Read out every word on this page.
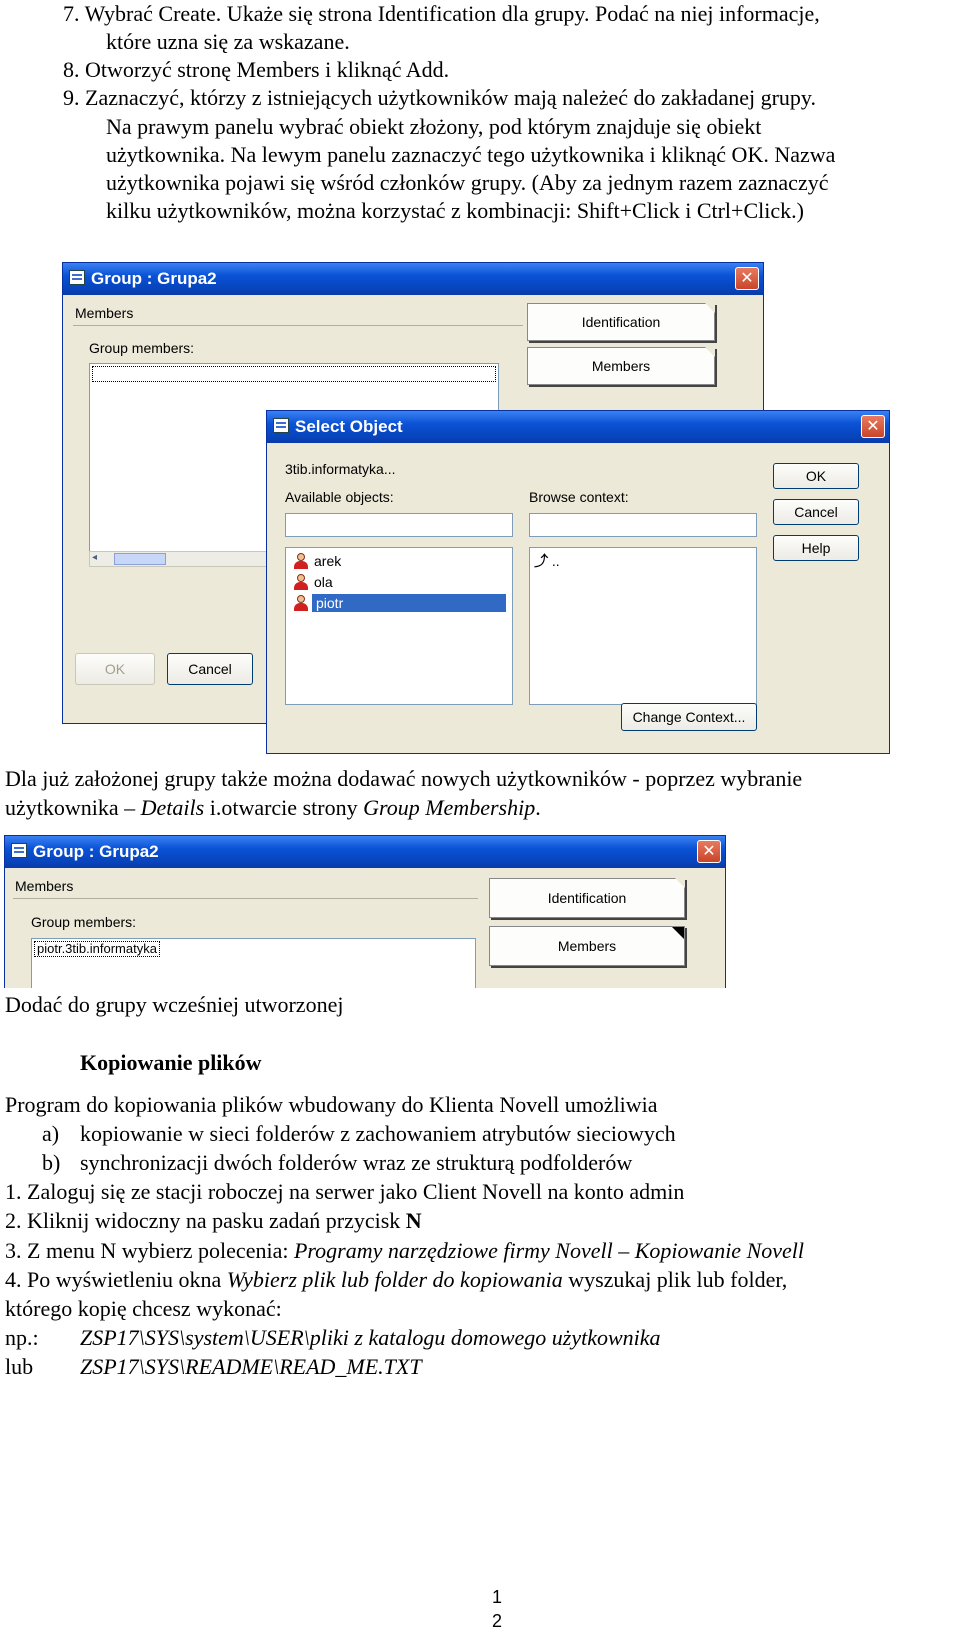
7. Wybrać Create. Ukaże się strona Identification dla grupy. Podać na niej informacje,
które uzna się za wskazane.
8. Otworzyć stronę Members i kliknąć Add.
9. Zaznaczyć, którzy z istniejących użytkowników mają należeć do zakładanej grupy.
Na prawym panelu wybrać obiekt złożony, pod którym znajduje się obiekt
użytkownika. Na lewym panelu zaznaczyć tego użytkownika i kliknąć OK. Nazwa
użytkownika pojawi się wśród członków grupy. (Aby za jednym razem zaznaczyć
kilku użytkowników, można korzystać z kombinacji: Shift+Click i Ctrl+Click.)
Group : Grupa2	✕
Members
Group members:
◂
Identification
Members
OK	Cancel
Select Object	✕
3tib.informatyka...
Available objects:	Browse context:
arek
ola
piotr
⤴ ..
OK
Cancel
Help
Change Context...
Dla już założonej grupy także można dodawać nowych użytkowników - poprzez wybranie
użytkownika – Details i.otwarcie strony Group Membership.
Group : Grupa2	✕
Members
Group members:
piotr.3tib.informatyka
Identification
Members
Dodać do grupy wcześniej utworzonej
Kopiowanie plików
Program do kopiowania plików wbudowany do Klienta Novell umożliwia
a) kopiowanie w sieci folderów z zachowaniem atrybutów sieciowych
b) synchronizacji dwóch folderów wraz ze strukturą podfolderów
1. Zaloguj się ze stacji roboczej na serwer jako Client Novell na konto admin
2. Kliknij widoczny na pasku zadań przycisk N
3. Z menu N wybierz polecenia: Programy narzędziowe firmy Novell – Kopiowanie Novell
4. Po wyświetleniu okna Wybierz plik lub folder do kopiowania wyszukaj plik lub folder,
którego kopię chcesz wykonać:
np.: ZSP17\SYS\system\USER\pliki z katalogu domowego użytkownika
lub ZSP17\SYS\README\READ_ME.TXT
1
2
